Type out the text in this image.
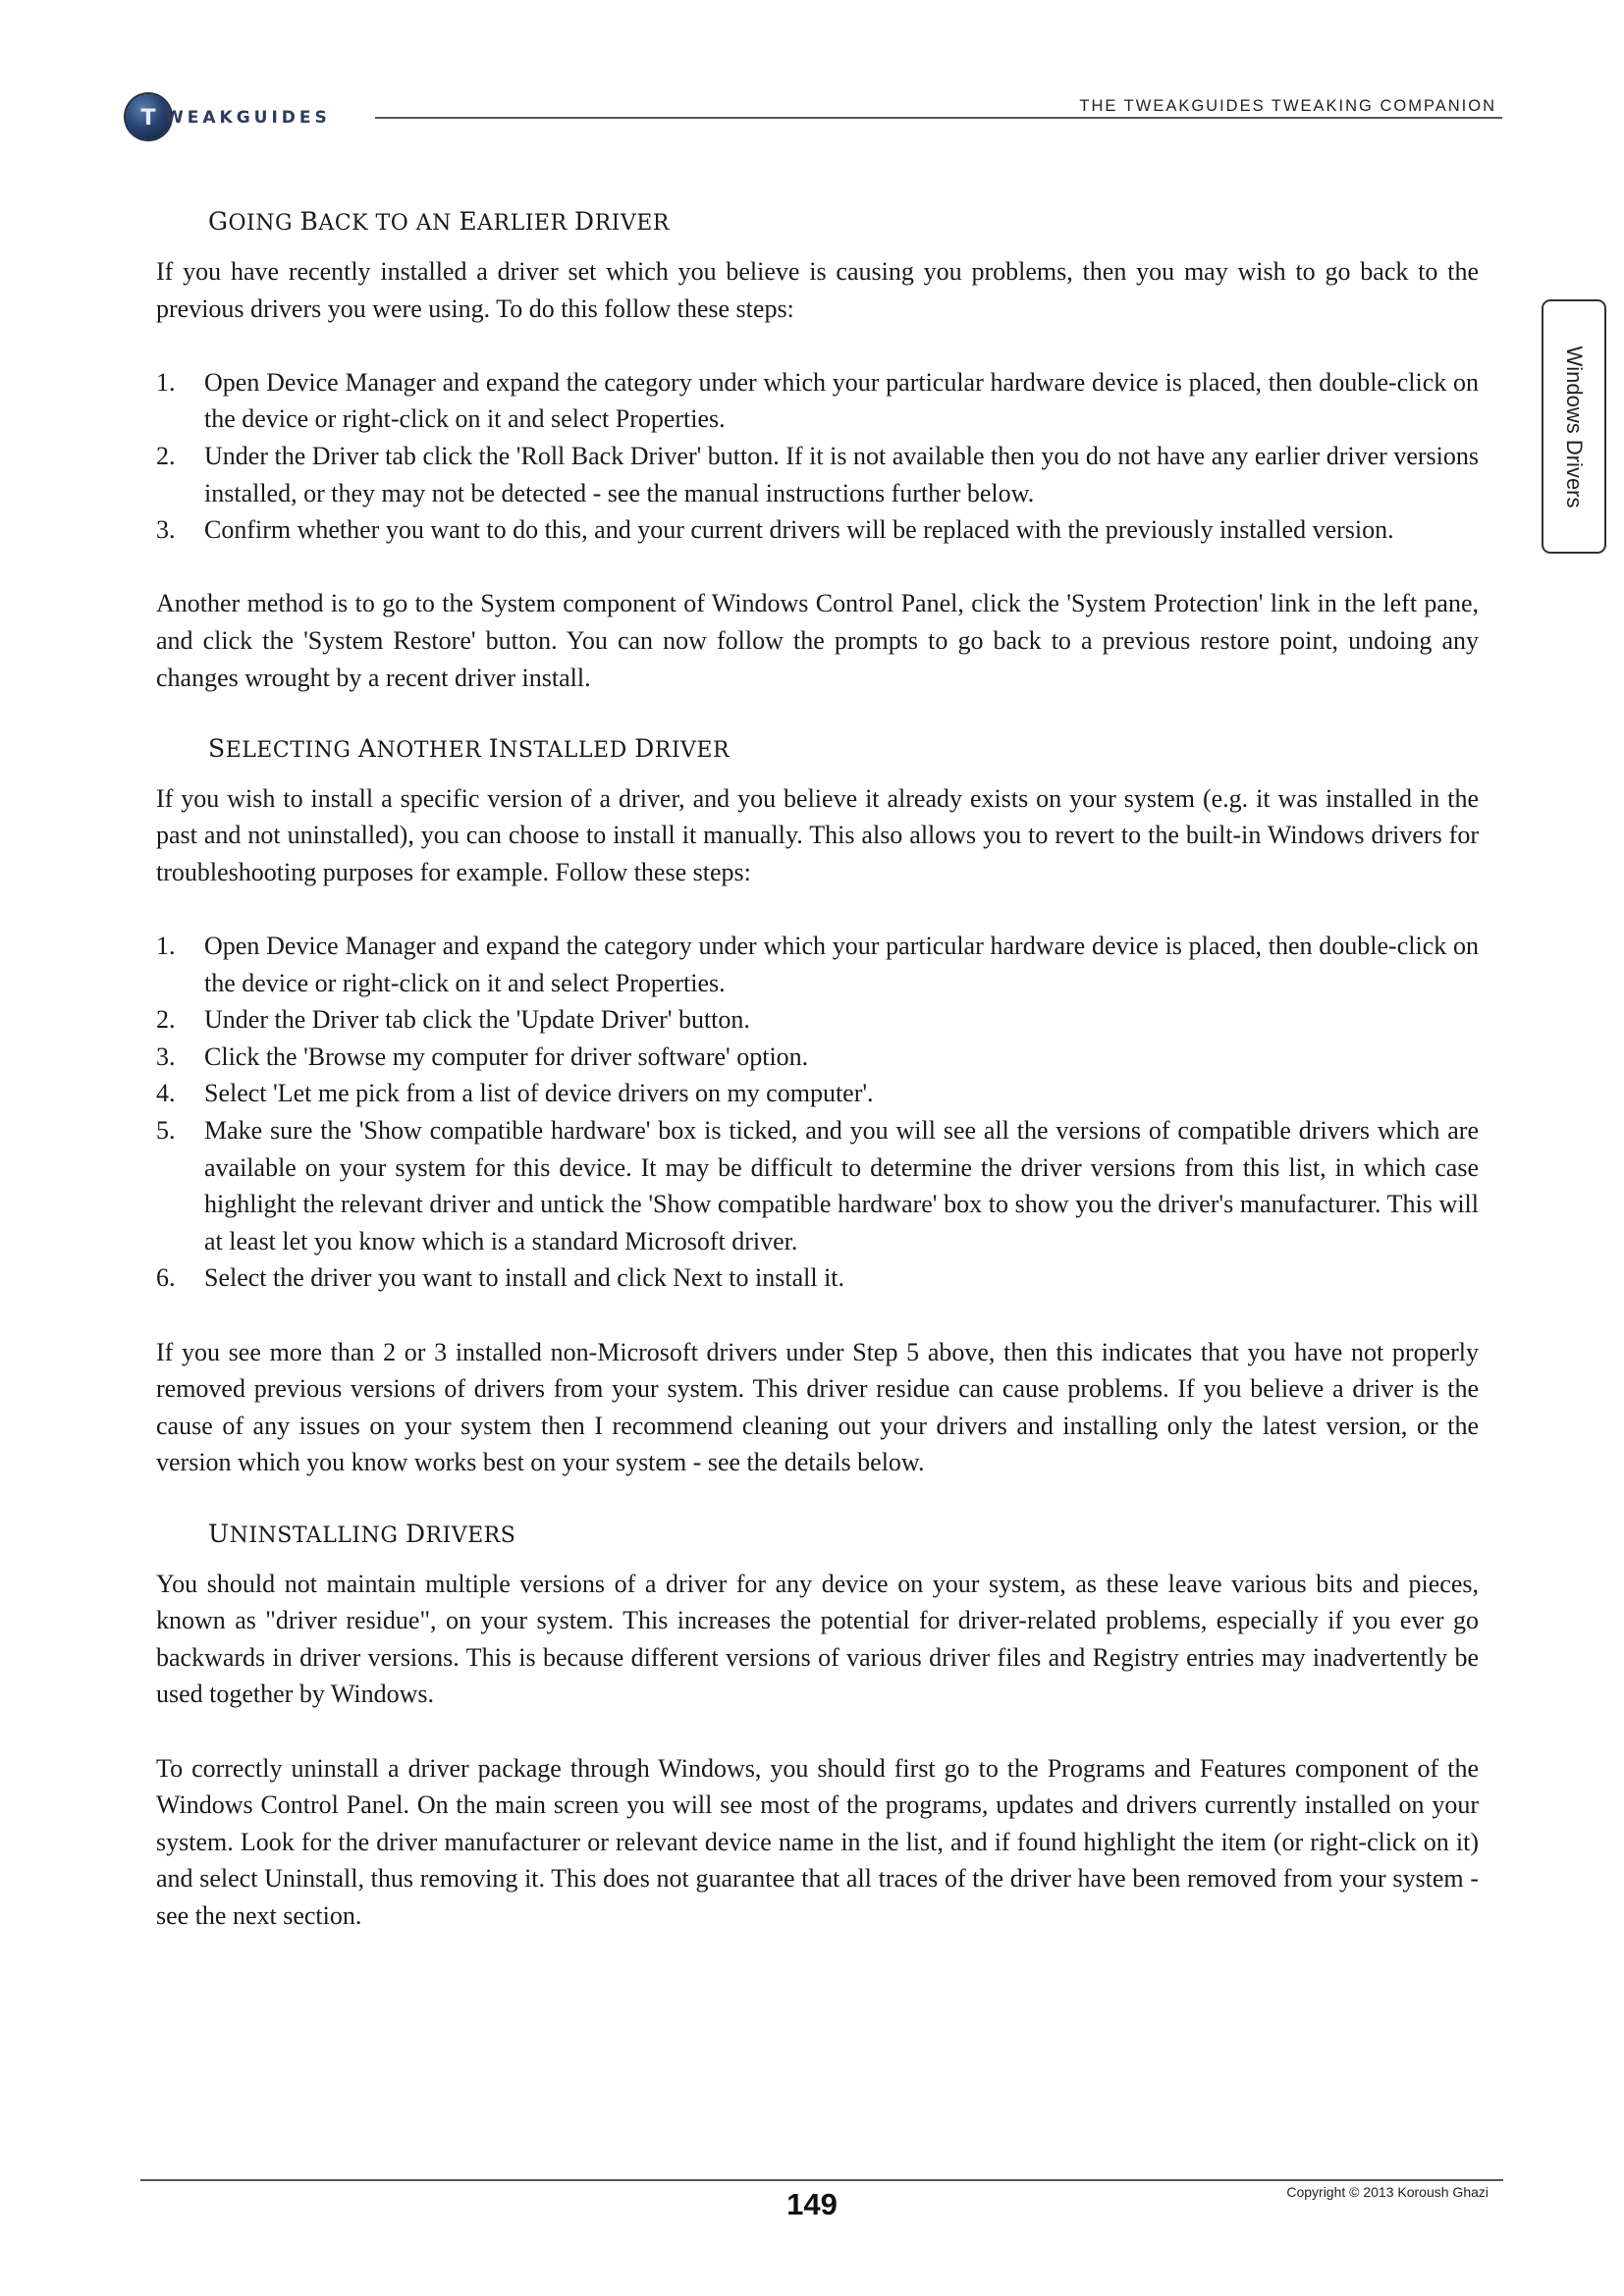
T WEAKGUIDES
THE TWEAKGUIDES TWEAKING COMPANION
Windows Drivers
GOING BACK TO AN EARLIER DRIVER

If you have recently installed a driver set which you believe is causing you problems, then you may wish to go back to the previous drivers you were using. To do this follow these steps:

1. Open Device Manager and expand the category under which your particular hardware device is placed, then double-click on the device or right-click on it and select Properties.
2. Under the Driver tab click the 'Roll Back Driver' button. If it is not available then you do not have any earlier driver versions installed, or they may not be detected - see the manual instructions further below.
3. Confirm whether you want to do this, and your current drivers will be replaced with the previously installed version.

Another method is to go to the System component of Windows Control Panel, click the 'System Protection' link in the left pane, and click the 'System Restore' button. You can now follow the prompts to go back to a previous restore point, undoing any changes wrought by a recent driver install.

SELECTING ANOTHER INSTALLED DRIVER

If you wish to install a specific version of a driver, and you believe it already exists on your system (e.g. it was installed in the past and not uninstalled), you can choose to install it manually. This also allows you to revert to the built-in Windows drivers for troubleshooting purposes for example. Follow these steps:

1. Open Device Manager and expand the category under which your particular hardware device is placed, then double-click on the device or right-click on it and select Properties.
2. Under the Driver tab click the 'Update Driver' button.
3. Click the 'Browse my computer for driver software' option.
4. Select 'Let me pick from a list of device drivers on my computer'.
5. Make sure the 'Show compatible hardware' box is ticked, and you will see all the versions of compatible drivers which are available on your system for this device. It may be difficult to determine the driver versions from this list, in which case highlight the relevant driver and untick the 'Show compatible hardware' box to show you the driver's manufacturer. This will at least let you know which is a standard Microsoft driver.
6. Select the driver you want to install and click Next to install it.

If you see more than 2 or 3 installed non-Microsoft drivers under Step 5 above, then this indicates that you have not properly removed previous versions of drivers from your system. This driver residue can cause problems. If you believe a driver is the cause of any issues on your system then I recommend cleaning out your drivers and installing only the latest version, or the version which you know works best on your system - see the details below.

UNINSTALLING DRIVERS

You should not maintain multiple versions of a driver for any device on your system, as these leave various bits and pieces, known as "driver residue", on your system. This increases the potential for driver-related problems, especially if you ever go backwards in driver versions. This is because different versions of various driver files and Registry entries may inadvertently be used together by Windows.

To correctly uninstall a driver package through Windows, you should first go to the Programs and Features component of the Windows Control Panel. On the main screen you will see most of the programs, updates and drivers currently installed on your system. Look for the driver manufacturer or relevant device name in the list, and if found highlight the item (or right-click on it) and select Uninstall, thus removing it. This does not guarantee that all traces of the driver have been removed from your system - see the next section.

149	Copyright © 2013 Koroush Ghazi
